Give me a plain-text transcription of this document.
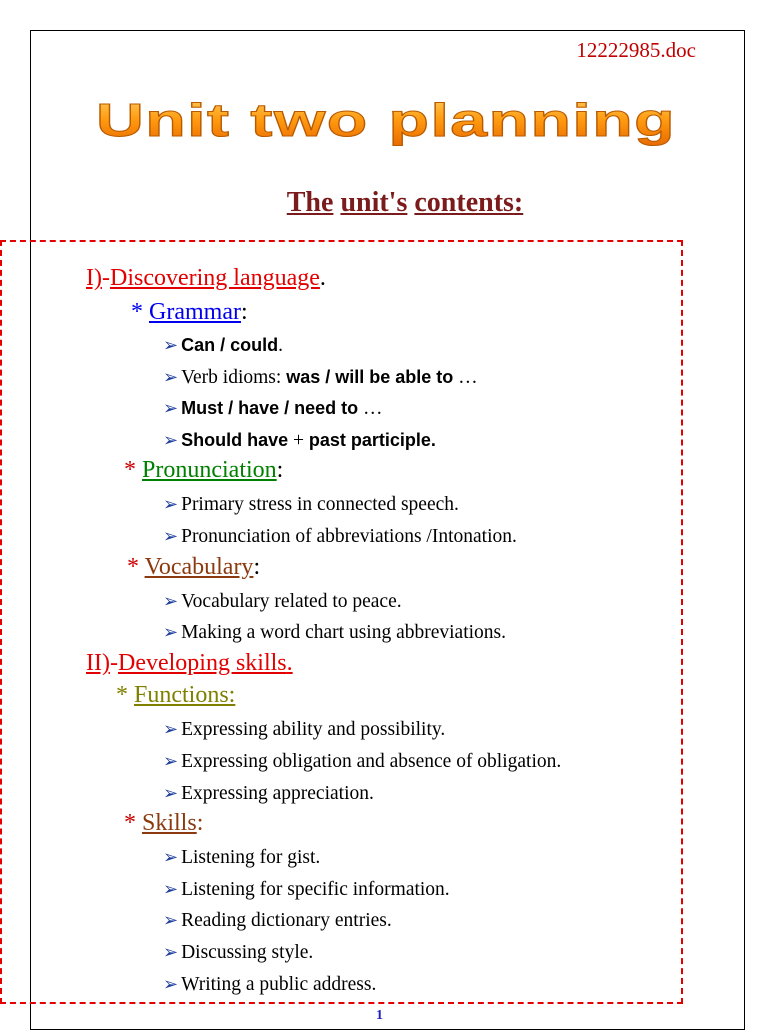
12222985.doc
Unit two planning
The unit's contents:
I)-Discovering language.
* Grammar:
➢ Can / could.
➢ Verb idioms: was / will be able to …
➢ Must / have / need to …
➢ Should have + past participle.
* Pronunciation:
➢ Primary stress in connected speech.
➢ Pronunciation of abbreviations /Intonation.
* Vocabulary:
➢ Vocabulary related to peace.
➢ Making a word chart using abbreviations.
II)-Developing skills.
* Functions:
➢ Expressing ability and possibility.
➢ Expressing obligation and absence of obligation.
➢ Expressing appreciation.
* Skills:
➢ Listening for gist.
➢ Listening for specific information.
➢ Reading dictionary entries.
➢ Discussing style.
➢ Writing a public address.
1
